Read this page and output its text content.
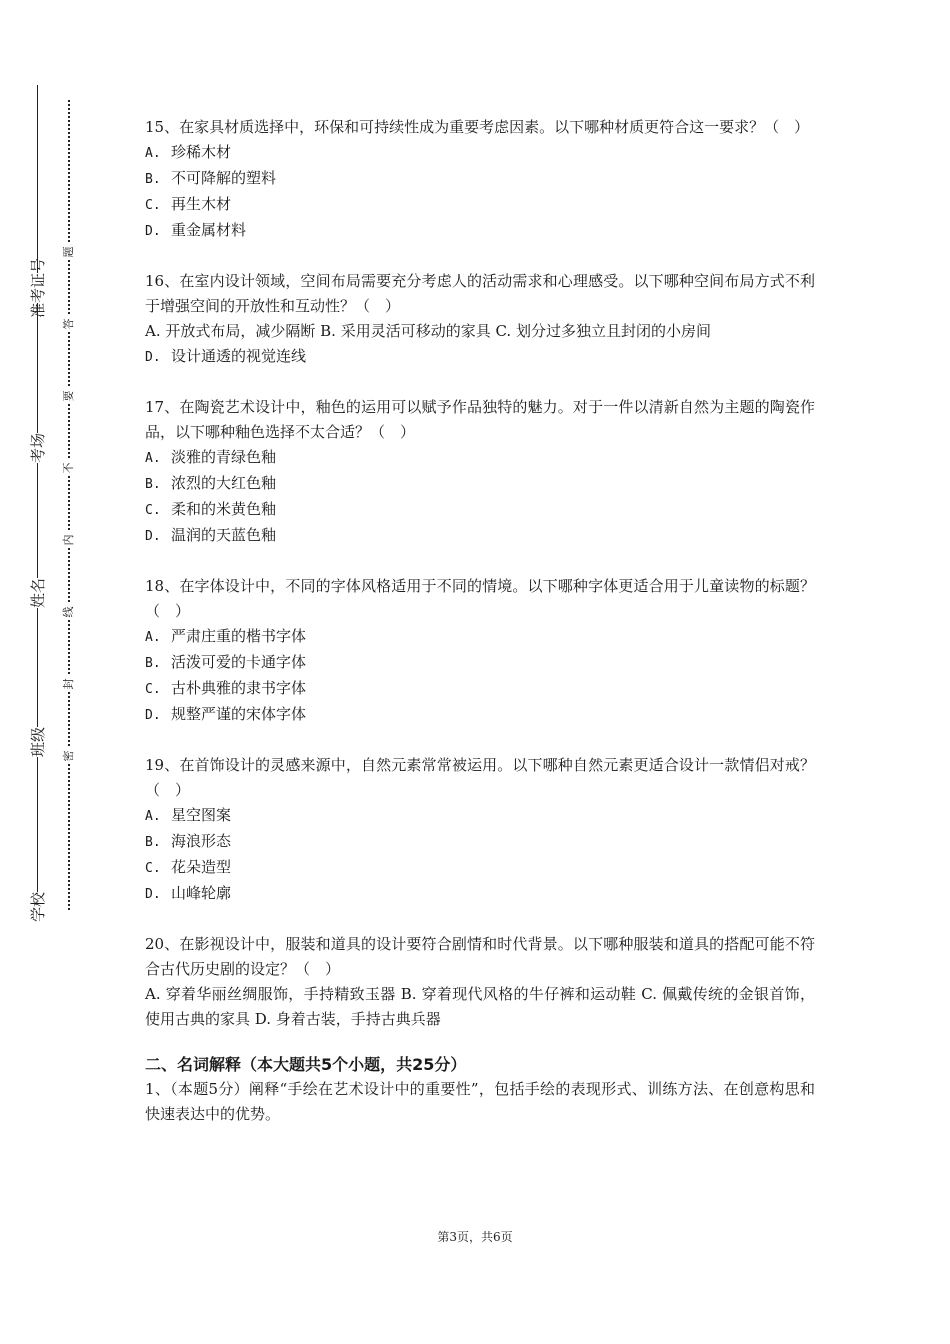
准考证号
考场
姓名
班级
学校
题
答
要
不
内
线
封
密
15、在家具材质选择中，环保和可持续性成为重要考虑因素。以下哪种材质更符合这一要求？（　）
A. 珍稀木材
B. 不可降解的塑料
C. 再生木材
D. 重金属材料
16、在室内设计领域，空间布局需要充分考虑人的活动需求和心理感受。以下哪种空间布局方式不利于增强空间的开放性和互动性？（　）
A. 开放式布局，减少隔断 B. 采用灵活可移动的家具 C. 划分过多独立且封闭的小房间
D. 设计通透的视觉连线
17、在陶瓷艺术设计中，釉色的运用可以赋予作品独特的魅力。对于一件以清新自然为主题的陶瓷作品，以下哪种釉色选择不太合适？（　）
A. 淡雅的青绿色釉
B. 浓烈的大红色釉
C. 柔和的米黄色釉
D. 温润的天蓝色釉
18、在字体设计中，不同的字体风格适用于不同的情境。以下哪种字体更适合用于儿童读物的标题？（　）
A. 严肃庄重的楷书字体
B. 活泼可爱的卡通字体
C. 古朴典雅的隶书字体
D. 规整严谨的宋体字体
19、在首饰设计的灵感来源中，自然元素常常被运用。以下哪种自然元素更适合设计一款情侣对戒？（　）
A. 星空图案
B. 海浪形态
C. 花朵造型
D. 山峰轮廓
20、在影视设计中，服装和道具的设计要符合剧情和时代背景。以下哪种服装和道具的搭配可能不符合古代历史剧的设定？（　）
A. 穿着华丽丝绸服饰，手持精致玉器 B. 穿着现代风格的牛仔裤和运动鞋 C. 佩戴传统的金银首饰，使用古典的家具 D. 身着古装，手持古典兵器
二、名词解释（本大题共5个小题，共25分）
1、（本题5分）阐释“手绘在艺术设计中的重要性”，包括手绘的表现形式、训练方法、在创意构思和快速表达中的优势。
第3页，共6页
